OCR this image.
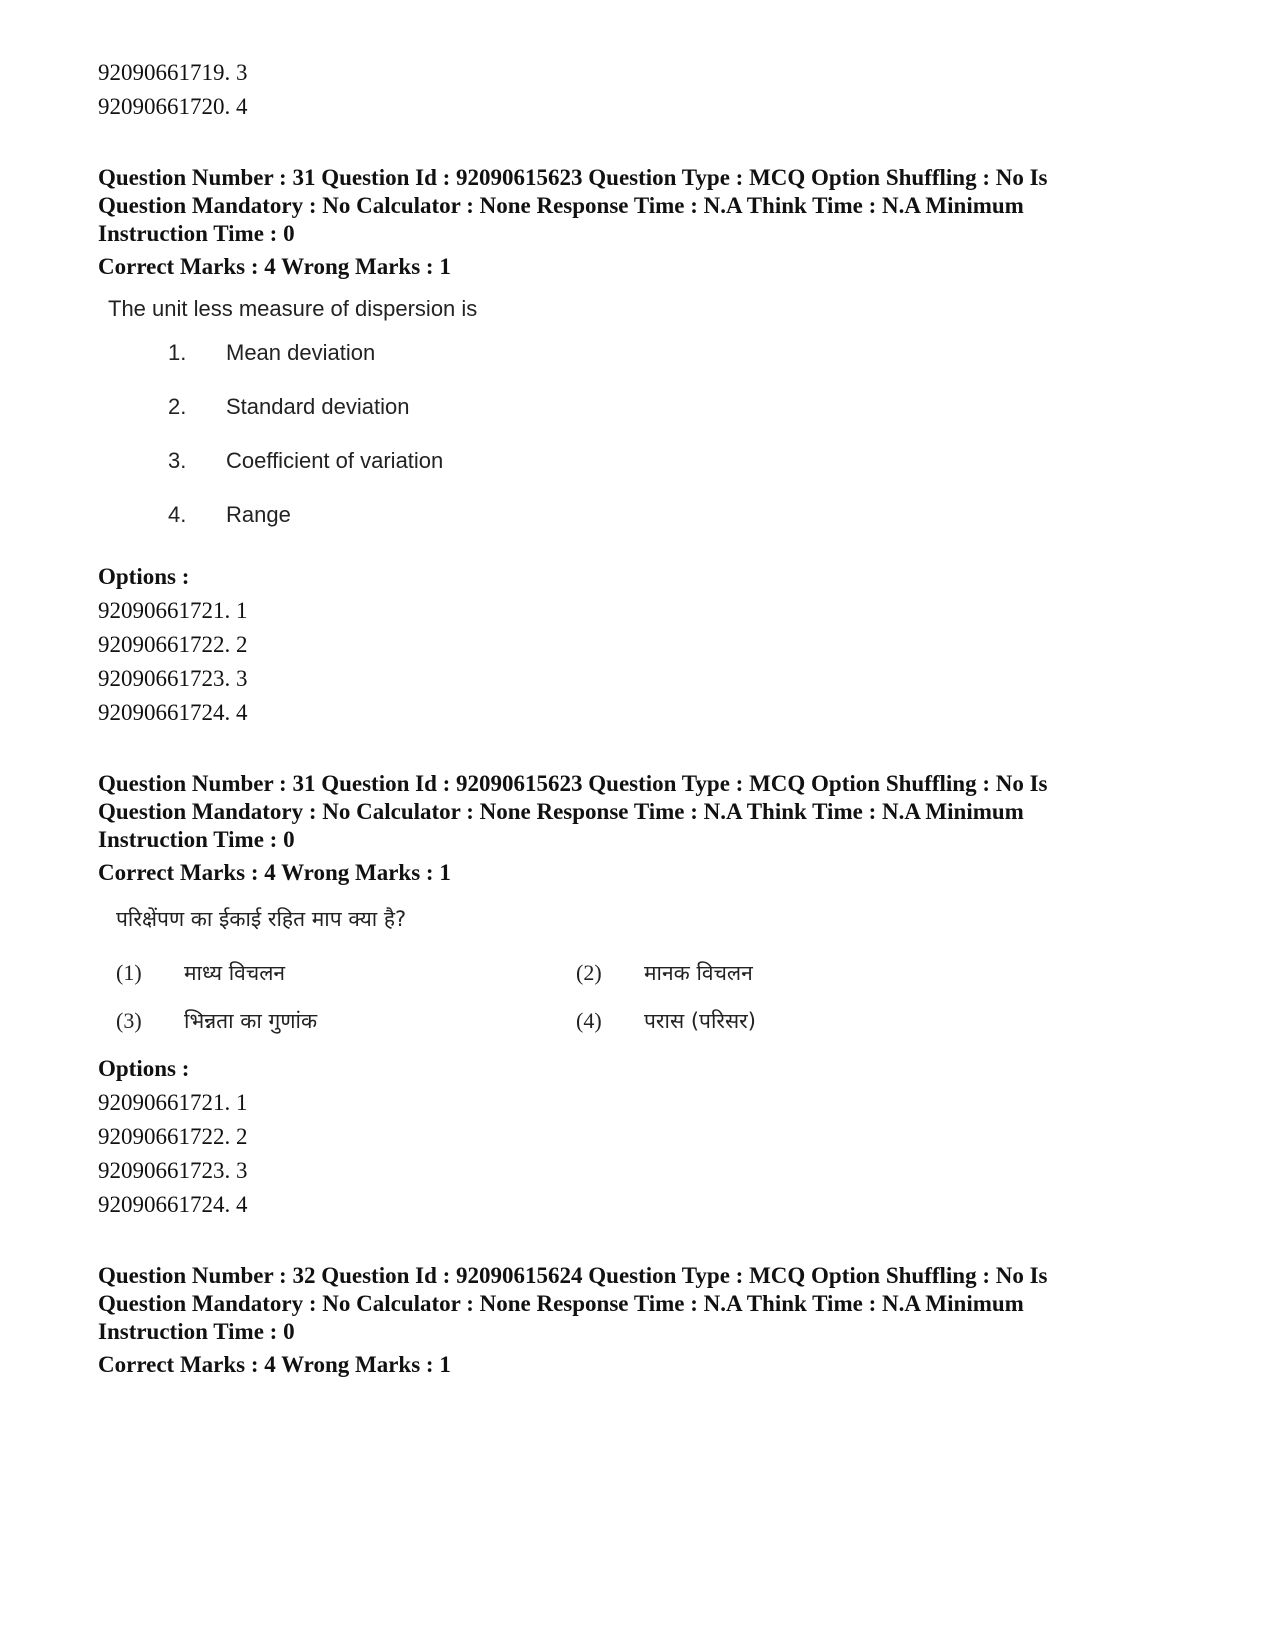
92090661719. 3
92090661720. 4
Question Number : 31 Question Id : 92090615623 Question Type : MCQ Option Shuffling : No Is
Question Mandatory : No Calculator : None Response Time : N.A Think Time : N.A Minimum
Instruction Time : 0
Correct Marks : 4 Wrong Marks : 1
The unit less measure of dispersion is
1.	Mean deviation
2.	Standard deviation
3.	Coefficient of variation
4.	Range
Options :
92090661721. 1
92090661722. 2
92090661723. 3
92090661724. 4
Question Number : 31 Question Id : 92090615623 Question Type : MCQ Option Shuffling : No Is
Question Mandatory : No Calculator : None Response Time : N.A Think Time : N.A Minimum
Instruction Time : 0
Correct Marks : 4 Wrong Marks : 1
परिक्षेंपण का ईकाई रहित माप क्या है?
(1)	माध्य विचलन	(2)	मानक विचलन
(3)	भिन्नता का गुणांक	(4)	परास (परिसर)
Options :
92090661721. 1
92090661722. 2
92090661723. 3
92090661724. 4
Question Number : 32 Question Id : 92090615624 Question Type : MCQ Option Shuffling : No Is
Question Mandatory : No Calculator : None Response Time : N.A Think Time : N.A Minimum
Instruction Time : 0
Correct Marks : 4 Wrong Marks : 1
